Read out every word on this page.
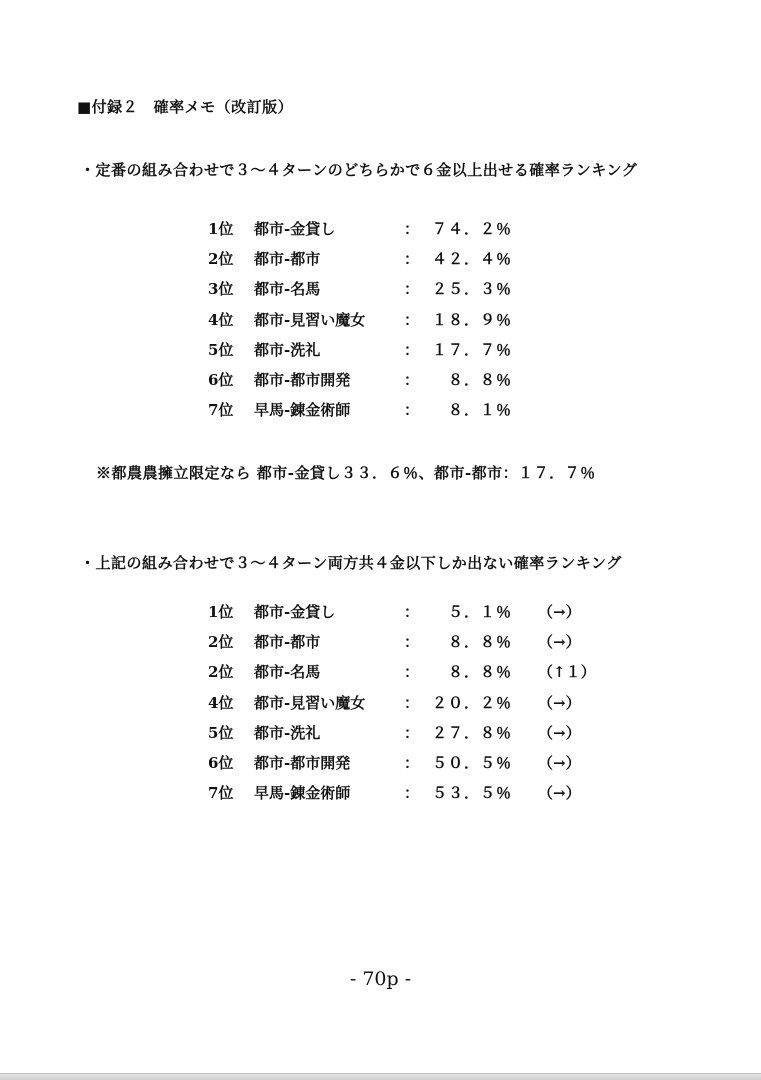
■付録２　確率メモ（改訂版）
・定番の組み合わせで３～４ターンのどちらかで６金以上出せる確率ランキング
1位	都市-金貸し	：	７４．２％
2位	都市-都市	：	４２．４％
3位	都市-名馬	：	２５．３％
4位	都市-見習い魔女	：	１８．９％
5位	都市-洗礼	：	１７．７％
6位	都市-都市開発	：	８．８％
7位	早馬-錬金術師	：	８．１％
※都農農擁立限定なら 都市-金貸し３３．６％、都市-都市：１７．７％
・上記の組み合わせで３～４ターン両方共４金以下しか出ない確率ランキング
1位	都市-金貸し	：	５．１％	（→）
2位	都市-都市	：	８．８％	（→）
2位	都市-名馬	：	８．８％	（↑１）
4位	都市-見習い魔女	：	２０．２％	（→）
5位	都市-洗礼	：	２７．８％	（→）
6位	都市-都市開発	：	５０．５％	（→）
7位	早馬-錬金術師	：	５３．５％	（→）
- 70p -
